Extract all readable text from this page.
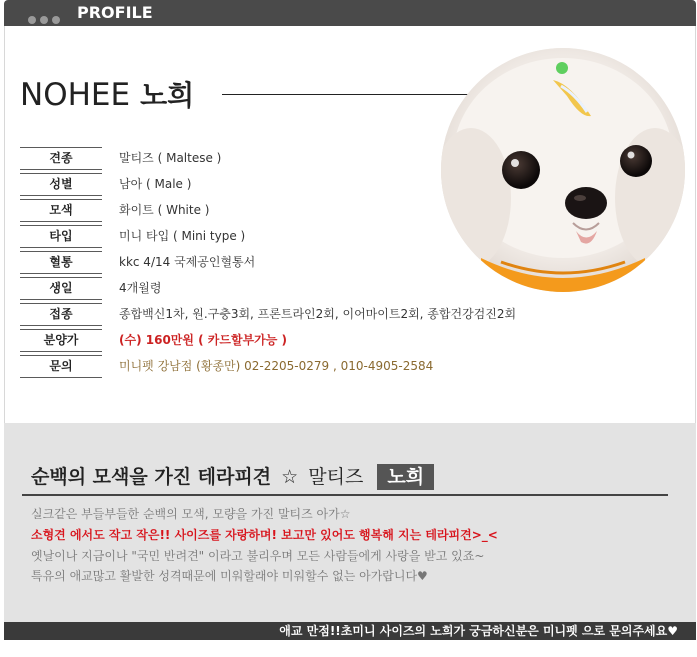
PROFILE
NOHEE 노희
견종	말티즈 ( Maltese )
성별	남아 ( Male )
모색	화이트 ( White )
타입	미니 타입 ( Mini type )
혈통	kkc 4/14 국제공인혈통서
생일	4개월령
접종	종합백신1차, 원.구충3회, 프론트라인2회, 이어마이트2회, 종합건강검진2회
분양가	(수) 160만원 ( 카드할부가능 )
문의	미니펫 강남점 (황종만) 02-2205-0279 , 010-4905-2584
순백의 모색을 가진 테라피견 ☆ 말티즈 노희
실크같은 부들부들한 순백의 모색, 모량을 가진 말티즈 아가☆
소형견 에서도 작고 작은!! 사이즈를 자랑하며! 보고만 있어도 행복해 지는 테라피견>_<
옛날이나 지금이나 "국민 반려견" 이라고 불리우며 모든 사람들에게 사랑을 받고 있죠~
특유의 애교많고 활발한 성격때문에 미워할래야 미워할수 없는 아가랍니다♥
애교 만점!!초미니 사이즈의 노희가 궁금하신분은 미니펫 으로 문의주세요♥
